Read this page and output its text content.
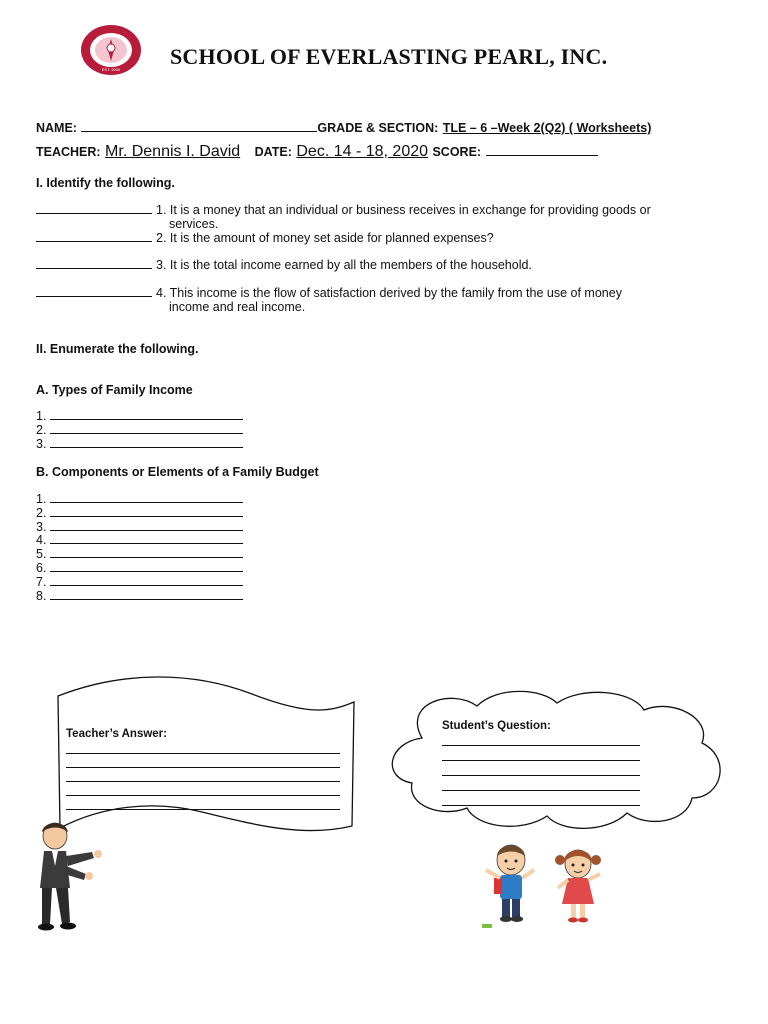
EST. 2000
SCHOOL OF EVERLASTING PEARL, INC.
NAME:	GRADE & SECTION: TLE – 6 –Week 2(Q2) ( Worksheets)
TEACHER: Mr. Dennis I. David DATE: Dec. 14 - 18, 2020 SCORE:
I. Identify the following.
1. It is a money that an individual or business receives in exchange for providing goods or
services.
2. It is the amount of money set aside for planned expenses?
3. It is the total income earned by all the members of the household.
4. This income is the flow of satisfaction derived by the family from the use of money
income and real income.
II. Enumerate the following.
A. Types of Family Income
1.
2.
3.
B. Components or Elements of a Family Budget
1.
2.
3.
4.
5.
6.
7.
8.
Teacher’s Answer:
Student’s Question:
